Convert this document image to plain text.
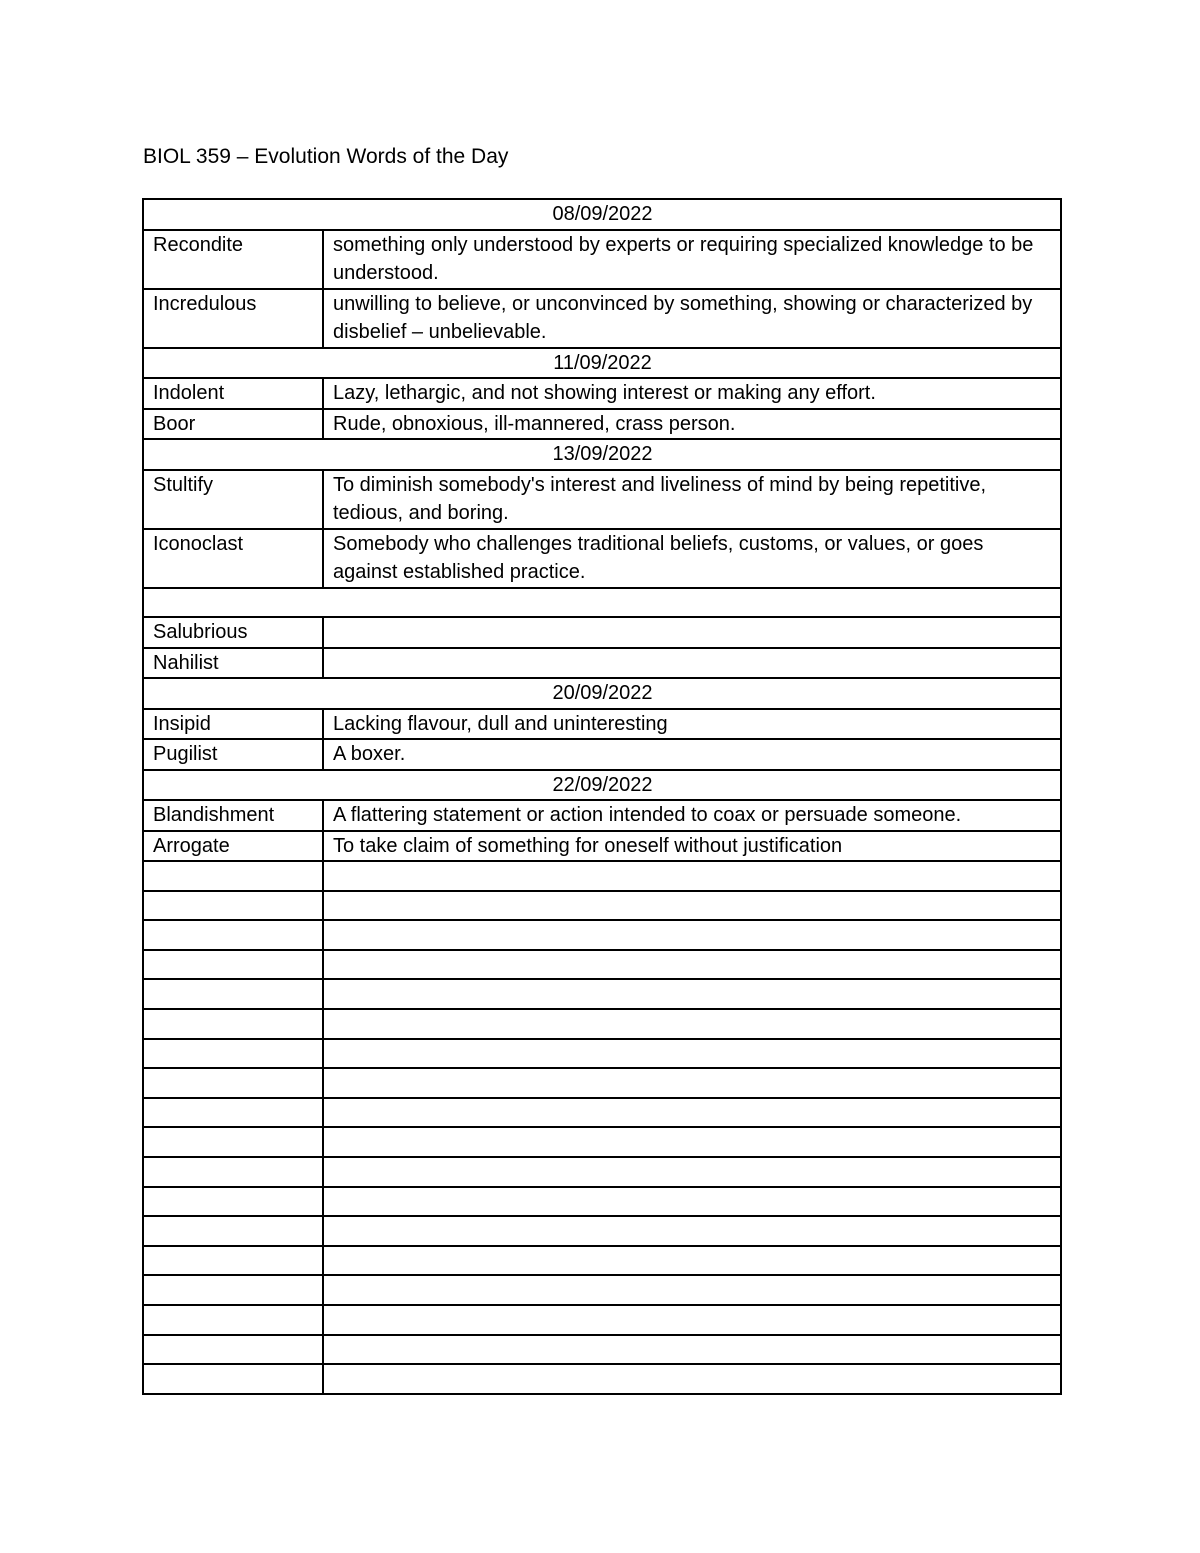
BIOL 359 – Evolution Words of the Day
08/09/2022	
Recondite	something only understood by experts or requiring specialized knowledge to be understood.
Incredulous	unwilling to believe, or unconvinced by something, showing or characterized by disbelief – unbelievable.
11/09/2022	
Indolent	Lazy, lethargic, and not showing interest or making any effort.
Boor	Rude, obnoxious, ill-mannered, crass person.
13/09/2022	
Stultify	To diminish somebody's interest and liveliness of mind by being repetitive, tedious, and boring.
Iconoclast	Somebody who challenges traditional beliefs, customs, or values, or goes against established practice.

Salubrious	
Nahilist	
20/09/2022	
Insipid	Lacking flavour, dull and uninteresting
Pugilist	A boxer.
22/09/2022	
Blandishment	A flattering statement or action intended to coax or persuade someone.
Arrogate	To take claim of something for oneself without justification
